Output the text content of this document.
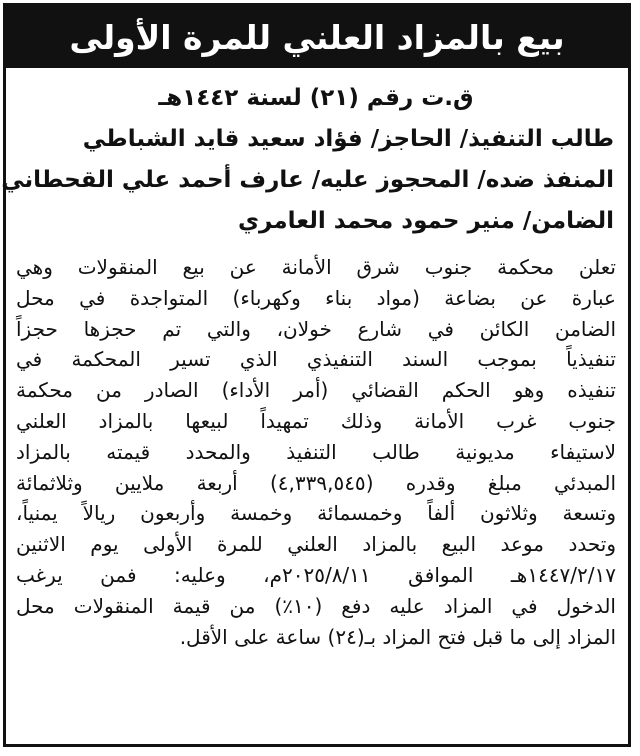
بيع بالمزاد العلني للمرة الأولى
ق.ت رقم (٢١) لسنة ١٤٤٢هـ
طالب التنفيذ/ الحاجز/ فؤاد سعيد قايد الشباطي
المنفذ ضده/ المحجوز عليه/ عارف أحمد علي القحطاني
الضامن/ منير حمود محمد العامري
تعلن محكمة جنوب شرق الأمانة عن بيع المنقولات وهي
عبارة عن بضاعة (مواد بناء وكهرباء) المتواجدة في محل
الضامن الكائن في شارع خولان، والتي تم حجزها حجزاً
تنفيذياً بموجب السند التنفيذي الذي تسير المحكمة في
تنفيذه وهو الحكم القضائي (أمر الأداء) الصادر من محكمة
جنوب غرب الأمانة وذلك تمهيداً لبيعها بالمزاد العلني
لاستيفاء مديونية طالب التنفيذ والمحدد قيمته بالمزاد
المبدئي مبلغ وقدره (٤,٣٣٩,٥٤٥) أربعة ملايين وثلاثمائة
وتسعة وثلاثون ألفاً وخمسمائة وخمسة وأربعون ريالاً يمنياً،
وتحدد موعد البيع بالمزاد العلني للمرة الأولى يوم الاثنين
١٤٤٧/٢/١٧هـ الموافق ٢٠٢٥/٨/١١م، وعليه: فمن يرغب
الدخول في المزاد عليه دفع (١٠٪) من قيمة المنقولات محل
المزاد إلى ما قبل فتح المزاد بـ(٢٤) ساعة على الأقل.
